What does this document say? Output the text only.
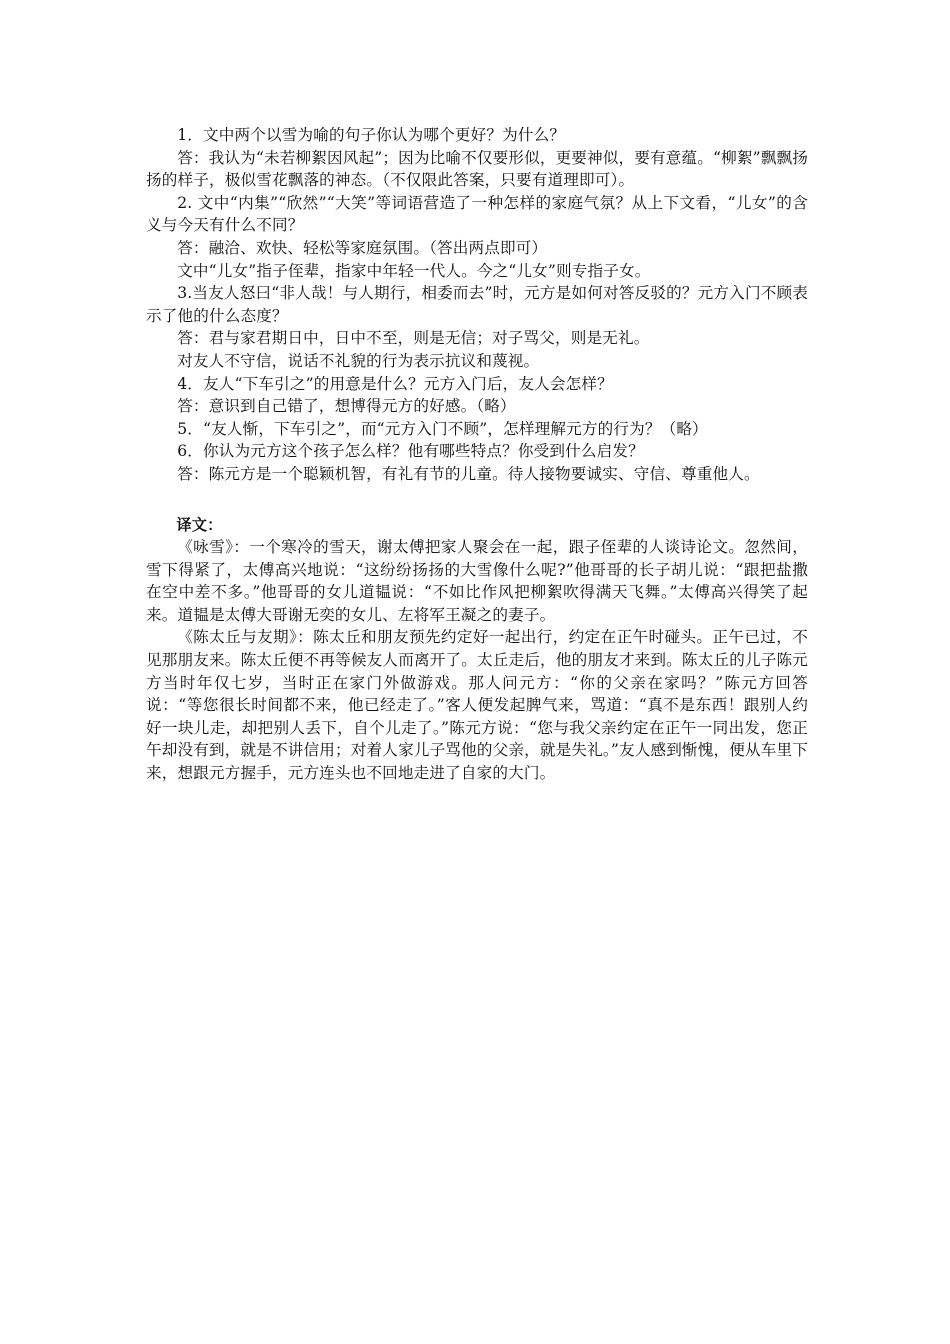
1．文中两个以雪为喻的句子你认为哪个更好？为什么？

答：我认为“未若柳絮因风起”；因为比喻不仅要形似，更要神似，要有意蕴。“柳絮”飘飘扬扬的样子，极似雪花飘落的神态。（不仅限此答案，只要有道理即可）。

2. 文中“内集”“欣然”“大笑”等词语营造了一种怎样的家庭气氛？从上下文看，“儿女”的含义与今天有什么不同？

答：融洽、欢快、轻松等家庭氛围。（答出两点即可）

文中“儿女”指子侄辈，指家中年轻一代人。今之“儿女”则专指子女。

3.当友人怒曰“非人哉！与人期行，相委而去”时，元方是如何对答反驳的？元方入门不顾表示了他的什么态度？

答：君与家君期日中，日中不至，则是无信；对子骂父，则是无礼。

对友人不守信，说话不礼貌的行为表示抗议和蔑视。

4．友人“下车引之”的用意是什么？元方入门后，友人会怎样？

答：意识到自己错了，想博得元方的好感。（略）

5．“友人惭，下车引之”，而“元方入门不顾”，怎样理解元方的行为？（略）

6．你认为元方这个孩子怎么样？他有哪些特点？你受到什么启发？

答：陈元方是一个聪颖机智，有礼有节的儿童。待人接物要诚实、守信、尊重他人。

译文：

《咏雪》：一个寒冷的雪天，谢太傅把家人聚会在一起，跟子侄辈的人谈诗论文。忽然间，雪下得紧了，太傅高兴地说：“这纷纷扬扬的大雪像什么呢?”他哥哥的长子胡儿说：“跟把盐撒在空中差不多。”他哥哥的女儿道韫说：“不如比作风把柳絮吹得满天飞舞。”太傅高兴得笑了起来。道韫是太傅大哥谢无奕的女儿、左将军王凝之的妻子。

《陈太丘与友期》：陈太丘和朋友预先约定好一起出行，约定在正午时碰头。正午已过，不见那朋友来。陈太丘便不再等候友人而离开了。太丘走后，他的朋友才来到。陈太丘的儿子陈元方当时年仅七岁，当时正在家门外做游戏。那人问元方：“你的父亲在家吗？”陈元方回答说：“等您很长时间都不来，他已经走了。”客人便发起脾气来，骂道：“真不是东西！跟别人约好一块儿走，却把别人丢下，自个儿走了。”陈元方说：“您与我父亲约定在正午一同出发，您正午却没有到，就是不讲信用；对着人家儿子骂他的父亲，就是失礼。”友人感到惭愧，便从车里下来，想跟元方握手，元方连头也不回地走进了自家的大门。
